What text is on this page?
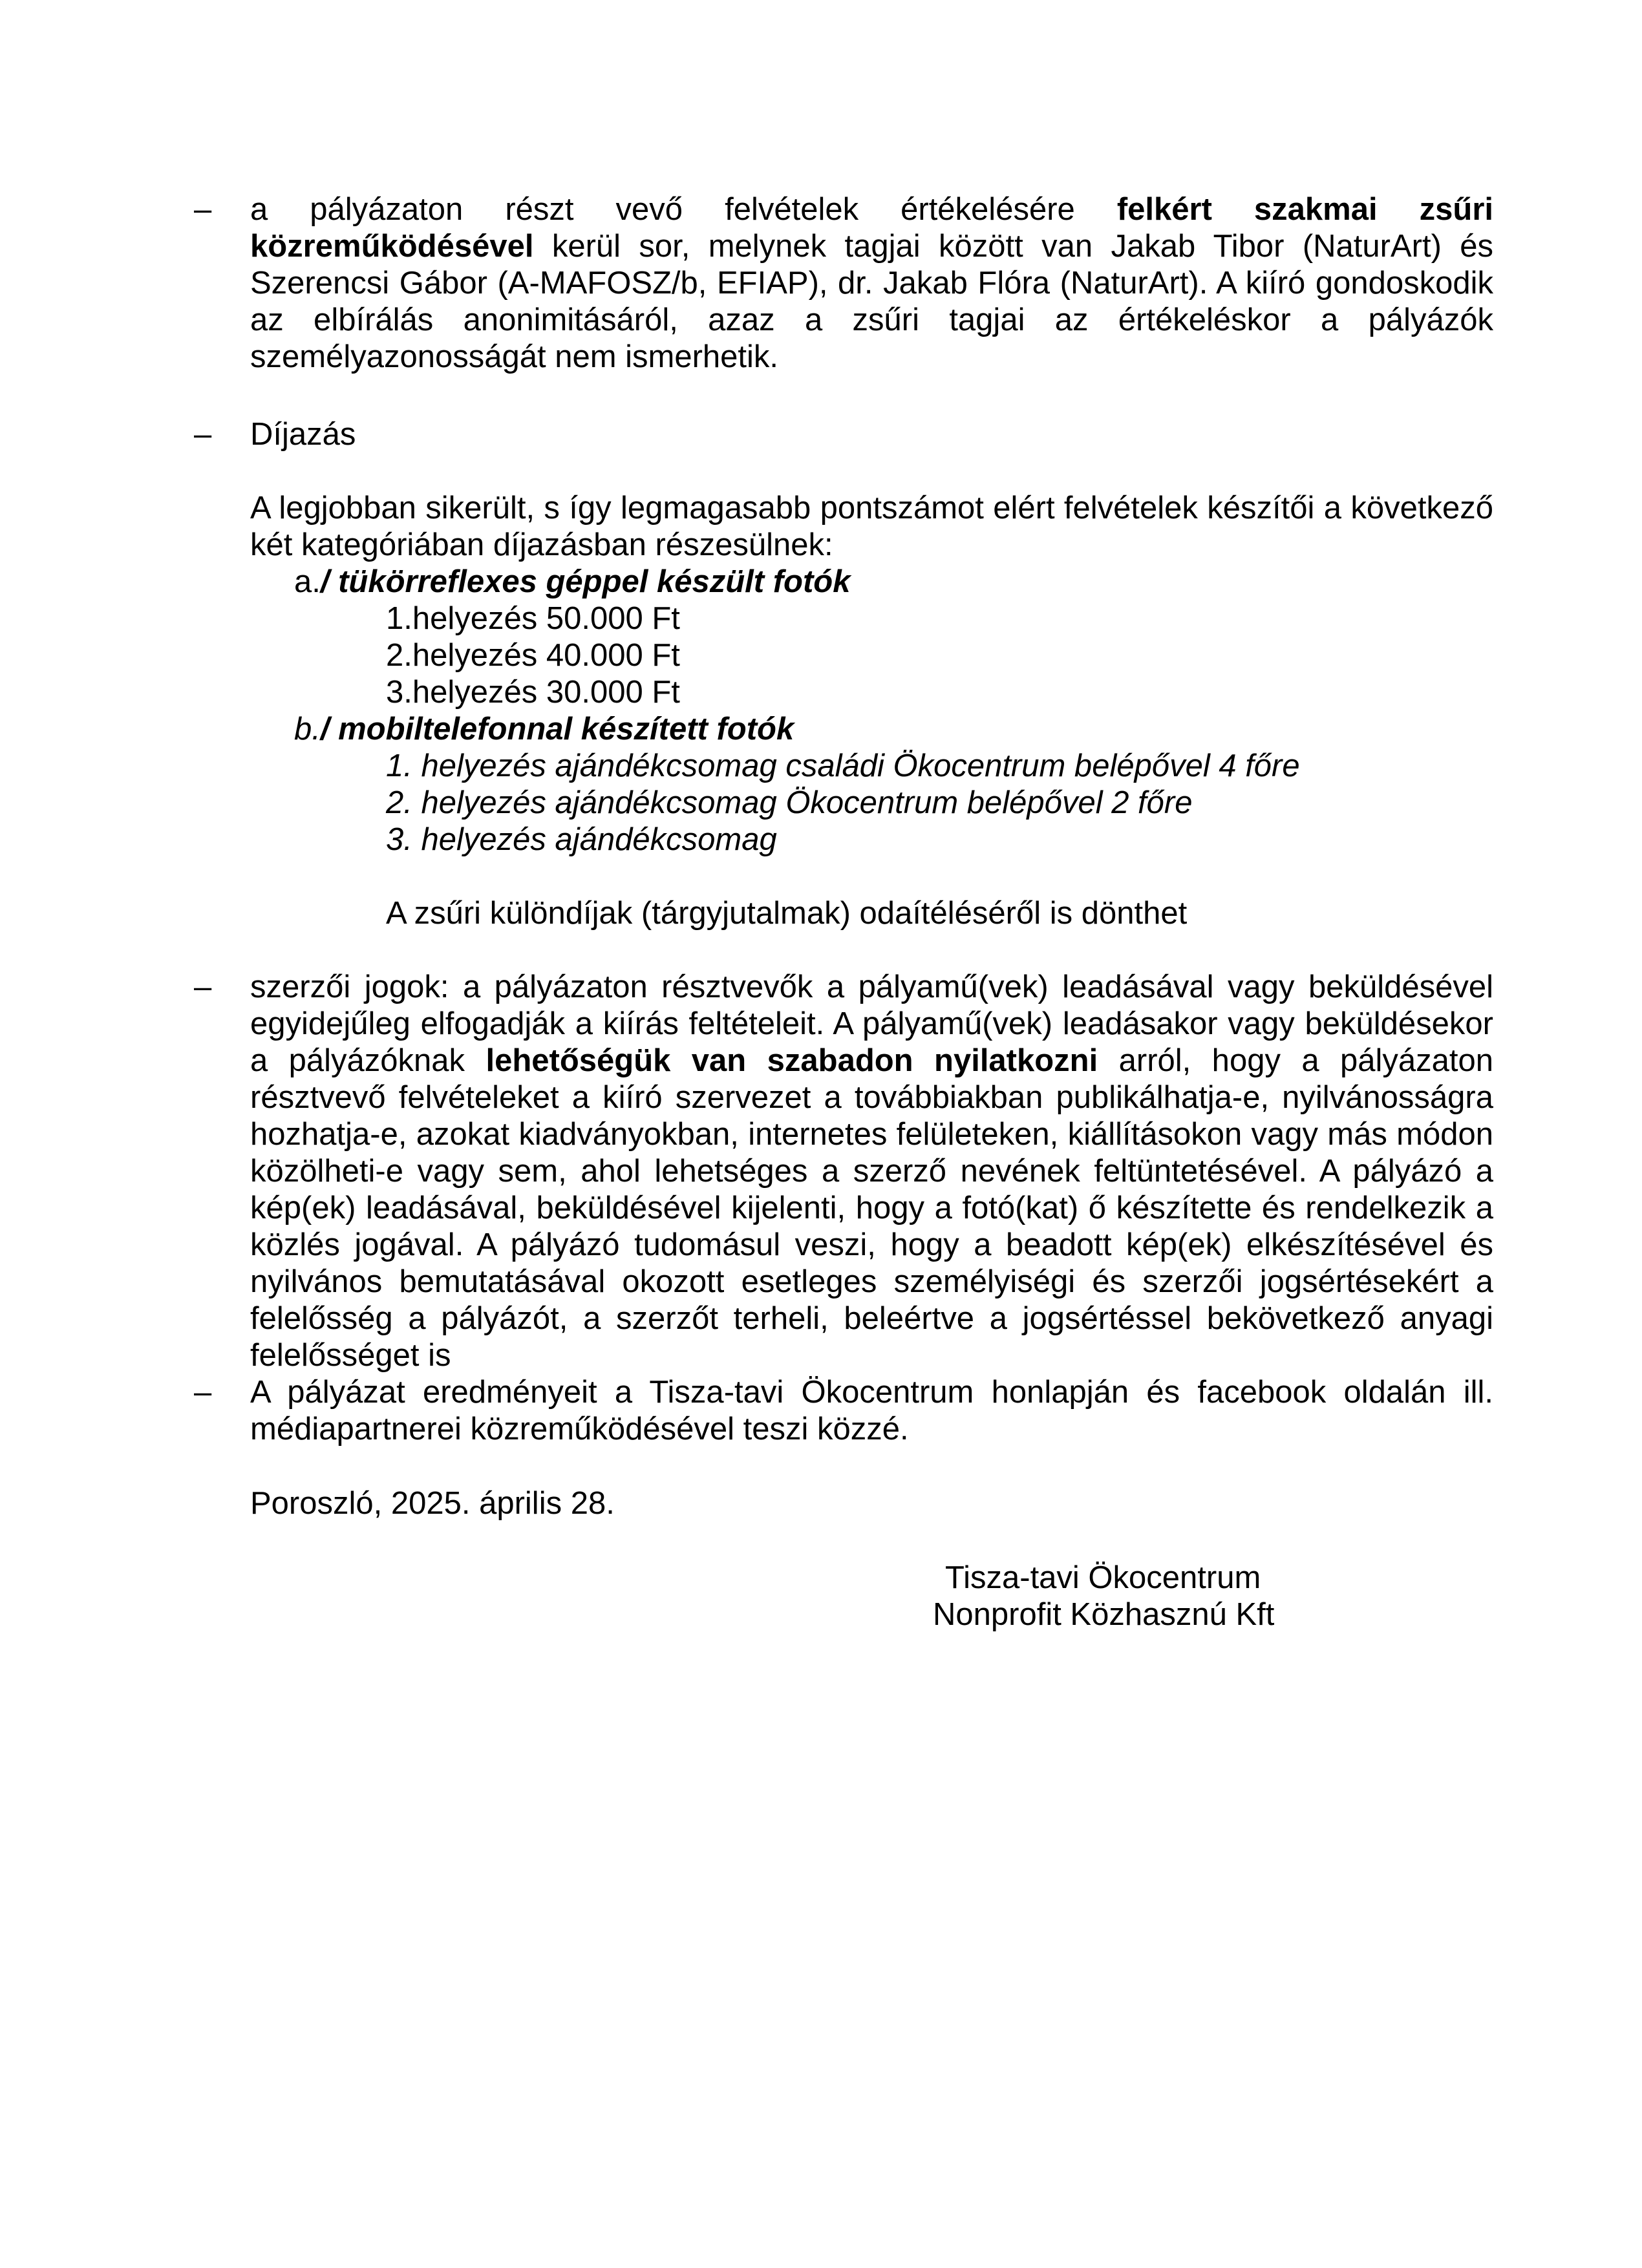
–	a pályázaton részt vevő felvételek értékelésére felkért szakmai zsűri közreműködésével kerül sor, melynek tagjai között van Jakab Tibor (NaturArt) és Szerencsi Gábor (A-MAFOSZ/b, EFIAP), dr. Jakab Flóra (NaturArt). A kiíró gondoskodik az elbírálás anonimitásáról, azaz a zsűri tagjai az értékeléskor a pályázók személyazonosságát nem ismerhetik.
–	Díjazás
A legjobban sikerült, s így legmagasabb pontszámot elért felvételek készítői a következő két kategóriában díjazásban részesülnek:
a./ tükörreflexes géppel készült fotók
1.helyezés 50.000 Ft
2.helyezés 40.000 Ft
3.helyezés 30.000 Ft
b./ mobiltelefonnal készített fotók
1. helyezés ajándékcsomag családi Ökocentrum belépővel 4 főre
2. helyezés ajándékcsomag Ökocentrum belépővel 2 főre
3. helyezés ajándékcsomag
A zsűri különdíjak (tárgyjutalmak) odaítéléséről is dönthet
–	szerzői jogok: a pályázaton résztvevők a pályamű(vek) leadásával vagy beküldésével egyidejűleg elfogadják a kiírás feltételeit. A pályamű(vek) leadásakor vagy beküldésekor a pályázóknak lehetőségük van szabadon nyilatkozni arról, hogy a pályázaton résztvevő felvételeket a kiíró szervezet a továbbiakban publikálhatja-e, nyilvánosságra hozhatja-e, azokat kiadványokban, internetes felületeken, kiállításokon vagy más módon közölheti-e vagy sem, ahol lehetséges a szerző nevének feltüntetésével. A pályázó a kép(ek) leadásával, beküldésével kijelenti, hogy a fotó(kat) ő készítette és rendelkezik a közlés jogával. A pályázó tudomásul veszi, hogy a beadott kép(ek) elkészítésével és nyilvános bemutatásával okozott esetleges személyiségi és szerzői jogsértésekért a felelősség a pályázót, a szerzőt terheli, beleértve a jogsértéssel bekövetkező anyagi felelősséget is
–	A pályázat eredményeit a Tisza-tavi Ökocentrum honlapján és facebook oldalán ill. médiapartnerei közreműködésével teszi közzé.
Poroszló, 2025. április 28.
Tisza-tavi Ökocentrum
Nonprofit Közhasznú Kft
